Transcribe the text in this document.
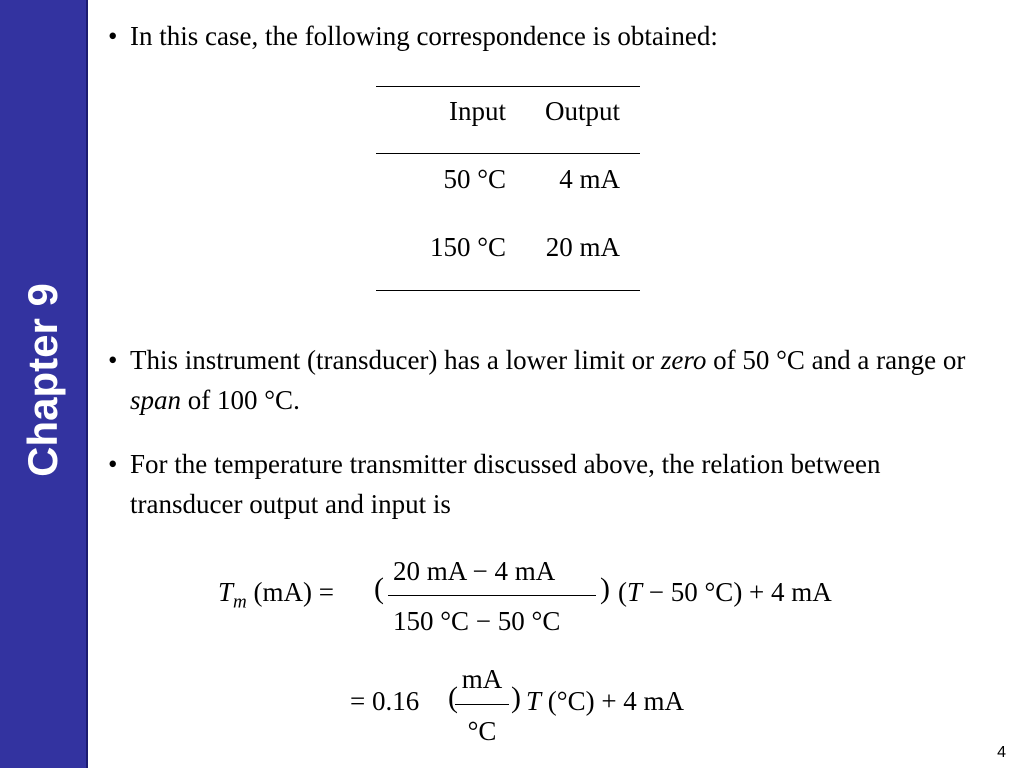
Chapter 9
• In this case, the following correspondence is obtained:
Input	Output
50 °C	4 mA
150 °C	20 mA
• This instrument (transducer) has a lower limit or zero of 50 °C and a range or span of 100 °C.
• For the temperature transmitter discussed above, the relation between transducer output and input is
$T_m$ (mA) = (
20 mA − 4 mA
150 °C − 50 °C
) (T − 50 °C) + 4 mA
= 0.16 (
mA
°C
) T (°C) + 4 mA
4
